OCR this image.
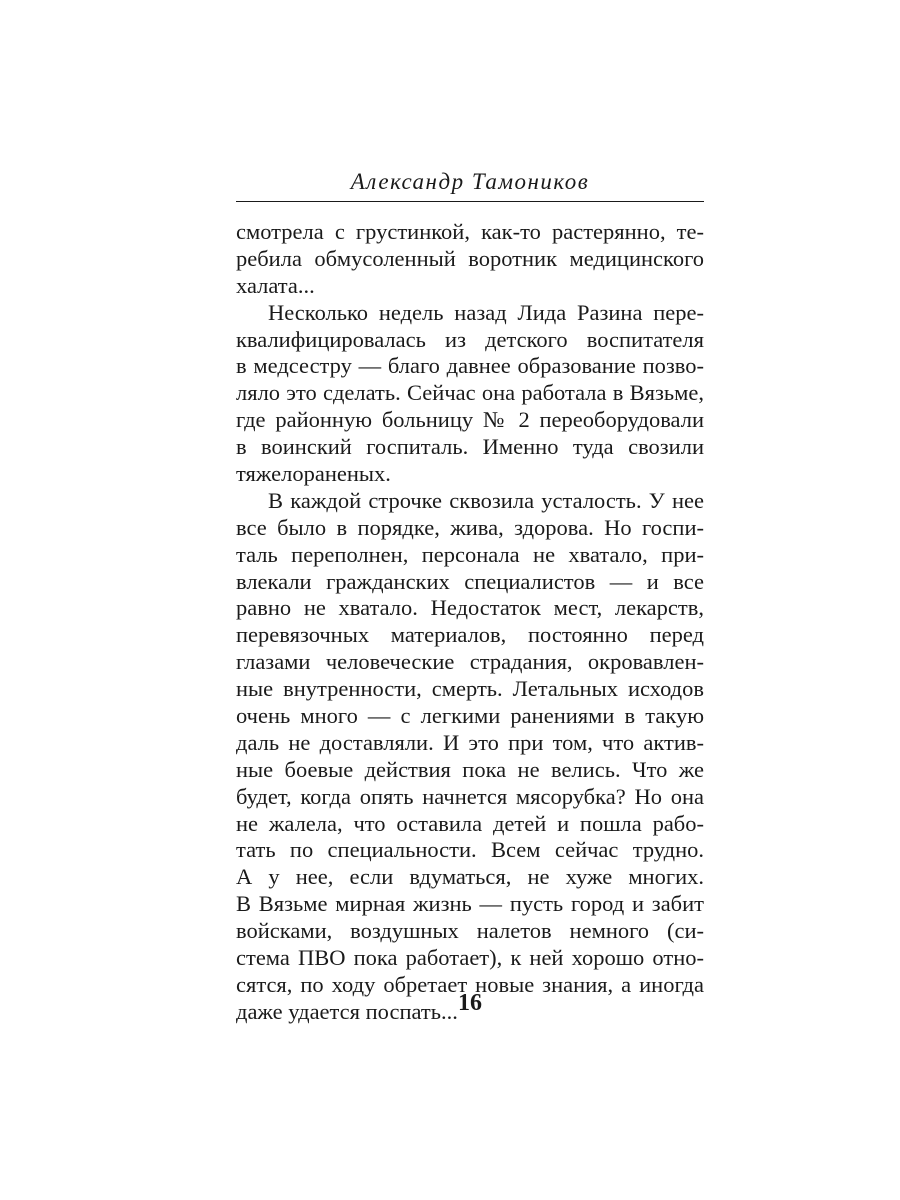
Александр Тамоников
смотрела с грустинкой, как-то растерянно, те-
ребила обмусоленный воротник медицинского
халата...
Несколько недель назад Лида Разина пере-
квалифицировалась из детского воспитателя
в медсестру — благо давнее образование позво-
ляло это сделать. Сейчас она работала в Вязьме,
где районную больницу № 2 переоборудовали
в воинский госпиталь. Именно туда свозили
тяжелораненых.
В каждой строчке сквозила усталость. У нее
все было в порядке, жива, здорова. Но госпи-
таль переполнен, персонала не хватало, при-
влекали гражданских специалистов — и все
равно не хватало. Недостаток мест, лекарств,
перевязочных материалов, постоянно перед
глазами человеческие страдания, окровавлен-
ные внутренности, смерть. Летальных исходов
очень много — с легкими ранениями в такую
даль не доставляли. И это при том, что актив-
ные боевые действия пока не велись. Что же
будет, когда опять начнется мясорубка? Но она
не жалела, что оставила детей и пошла рабо-
тать по специальности. Всем сейчас трудно.
А у нее, если вдуматься, не хуже многих.
В Вязьме мирная жизнь — пусть город и забит
войсками, воздушных налетов немного (си-
стема ПВО пока работает), к ней хорошо отно-
сятся, по ходу обретает новые знания, а иногда
даже удается поспать... 16
